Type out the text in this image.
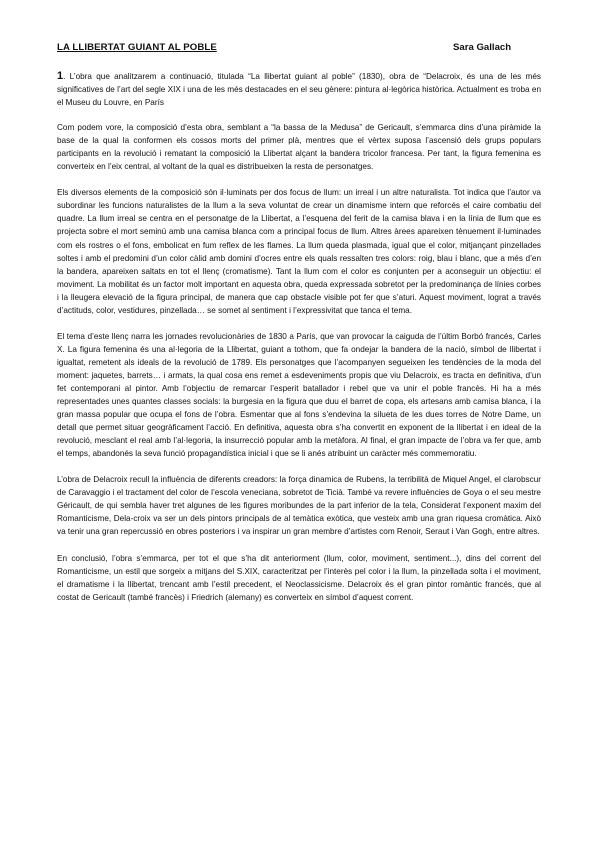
LA LLIBERTAT GUIANT AL POBLE	Sara Gallach

1. L’obra que analitzarem a continuació, titulada “La llibertat guiant al poble” (1830), obra de “Delacroix, és una de les més significatives de l’art del segle XIX i una de les més destacades en el seu gènere: pintura al·legòrica històrica. Actualment es troba en el Museu du Louvre, en París

Com podem vore, la composició d’esta obra, semblant a “la bassa de la Medusa” de Gericault, s’emmarca dins d’una piràmide la base de la qual la conformen els cossos morts del primer plà, mentres que el vèrtex suposa l’ascensió dels grups populars participants en la revolució i rematant la composició la Llibertat alçant la bandera tricolor francesa. Per tant, la figura femenina es converteix en l’eix central, al voltant de la qual es distribueixen la resta de personatges.

Els diversos elements de la composició són il·luminats per dos focus de llum: un irreal i un altre naturalista. Tot indica que l’autor va subordinar les funcions naturalistes de la llum a la seva voluntat de crear un dinamisme intern que reforcés el caire combatiu del quadre. La llum irreal se centra en el personatge de la Llibertat, a l’esquena del ferit de la camisa blava i en la línia de llum que es projecta sobre el mort seminú amb una camisa blanca com a principal focus de llum. Altres àrees apareixen tènuement il·luminades com els rostres o el fons, embolicat en fum reflex de les flames. La llum queda plasmada, igual que el color, mitjançant pinzellades soltes i amb el predomini d’un color càlid amb domini d’ocres entre els quals ressalten tres colors: roig, blau i blanc, que a més d’en la bandera, apareixen saltats en tot el llenç (cromatisme). Tant la llum com el color es conjunten per a aconseguir un objectiu: el moviment. La mobilitat és un factor molt important en aquesta obra, queda expressada sobretot per la predominança de línies corbes i la lleugera elevació de la figura principal, de manera que cap obstacle visible pot fer que s’aturi. Aquest moviment, lograt a través d’actituds, color, vestidures, pinzellada… se somet al sentiment i l’expressivitat que tanca el tema.

El tema d’este llenç narra les jornades revolucionàries de 1830 a París, que van provocar la caiguda de l’últim Borbó francés, Carles X. La figura femenina és una al·legoria de la Llibertat, guiant a tothom, que fa ondejar la bandera de la nació, símbol de llibertat i igualtat, remetent als ideals de la revolució de 1789. Els personatges que l’acompanyen segueixen les tendències de la moda del moment: jaquetes, barrets… i armats, la qual cosa ens remet a esdeveniments propis que viu Delacroix, es tracta en definitiva, d’un fet contemporani al pintor. Amb l’objectiu de remarcar l’esperit batallador i rebel que va unir el poble francès. Hi ha a més representades unes quantes classes socials: la burgesia en la figura que duu el barret de copa, els artesans amb camisa blanca, i la gran massa popular que ocupa el fons de l’obra. Esmentar que al fons s’endevina la silueta de les dues torres de Notre Dame, un detall que permet situar geogràficament l’acció. En definitiva, aquesta obra s’ha convertit en exponent de la llibertat i en ideal de la revolució, mesclant el real amb l’al·legoria, la insurrecció popular amb la metàfora. Al final, el gran impacte de l’obra va fer que, amb el temps, abandonés la seva funció propagandística inicial i que se li anés atribuint un caràcter més commemoratiu.

L’obra de Delacroix recull la influència de diferents creadors: la força dinamica de Rubens, la terribilità de Miquel Angel, el clarobscur de Caravaggio i el tractament del color de l’escola veneciana, sobretot de Ticià. També va revere influències de Goya o el seu mestre Géricault, de qui sembla haver tret algunes de les figures moribundes de la part inferior de la tela, Considerat l’exponent maxim del Romanticisme, Dela-croix va ser un dels pintors principals de al temàtica exòtica, que vesteix amb una gran riquesa cromàtica. Això va tenir una gran repercussió en obres posteriors i va inspirar un gran membre d’artistes com Renoir, Seraut i Van Gogh, entre altres.

En conclusió, l’obra s’emmarca, per tot el que s’ha dit anteriorment (llum, color, moviment, sentiment...), dins del corrent del Romanticisme, un estil que sorgeix a mitjans del S.XIX, caracteritzat per l’interès pel color i la llum, la pinzellada solta i el moviment, el dramatisme i la llibertat, trencant amb l’estil precedent, el Neoclassicisme. Delacroix és el gran pintor romàntic francés, que al costat de Gericault (també francès) i Friedrich (alemany) es converteix en símbol d’aquest corrent.
